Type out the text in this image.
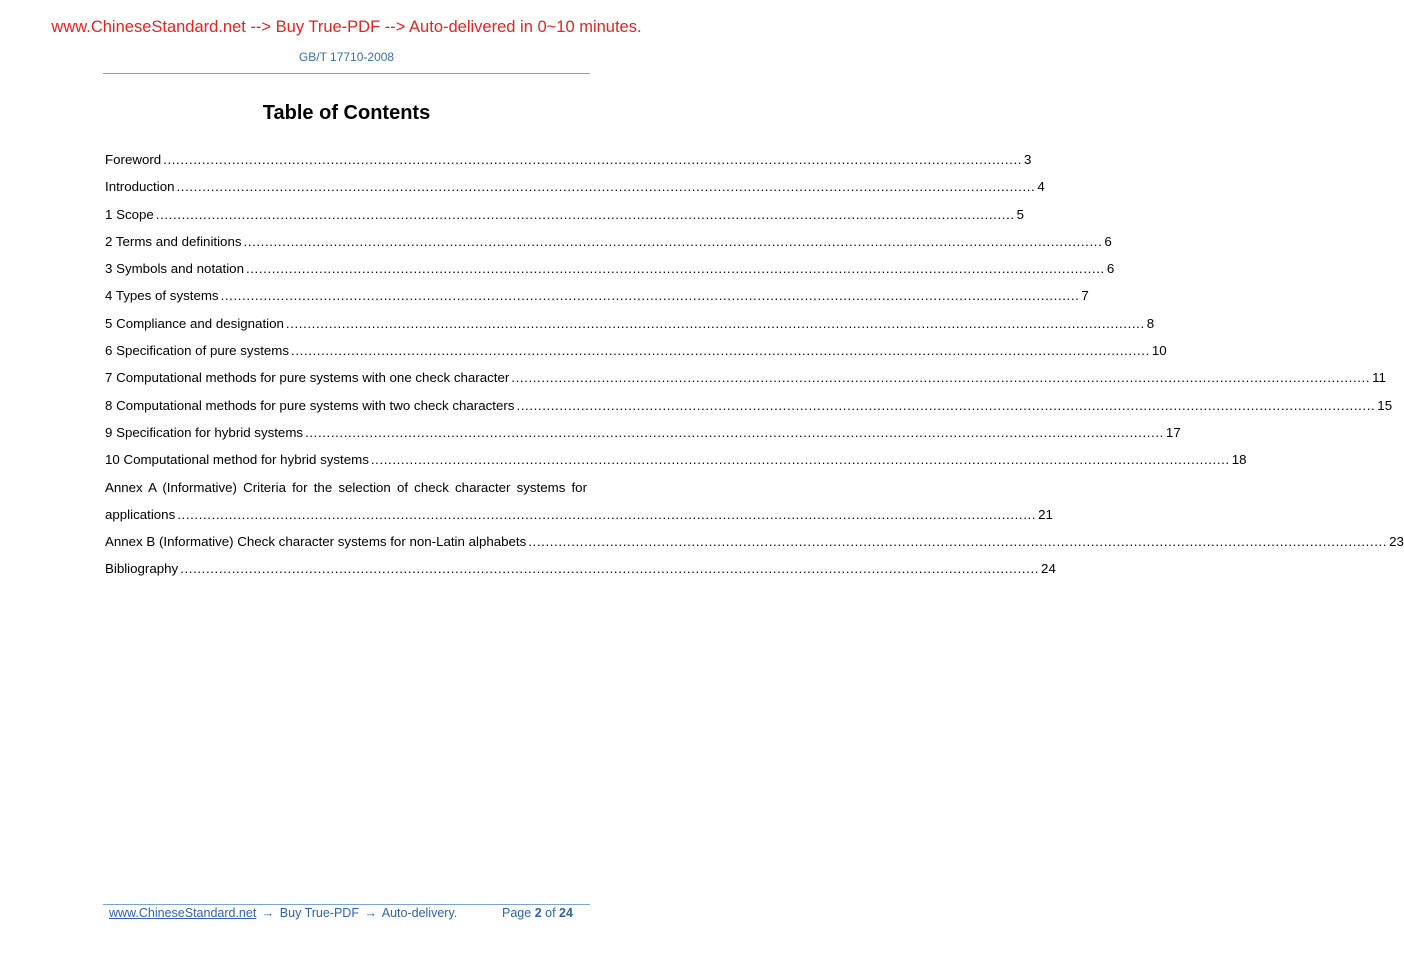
www.ChineseStandard.net --> Buy True-PDF --> Auto-delivered in 0~10 minutes.
GB/T 17710-2008
Table of Contents
Foreword ........................................................................................................................................................................................................ 3
Introduction ........................................................................................................................................................................................................ 4
1 Scope ........................................................................................................................................................................................................ 5
2 Terms and definitions ........................................................................................................................................................................................................ 6
3 Symbols and notation ........................................................................................................................................................................................................ 6
4 Types of systems ........................................................................................................................................................................................................ 7
5 Compliance and designation ........................................................................................................................................................................................................ 8
6 Specification of pure systems ........................................................................................................................................................................................................ 10
7 Computational methods for pure systems with one check character ........................................................................................................................................................................................................ 11
8 Computational methods for pure systems with two check characters ........................................................................................................................................................................................................ 15
9 Specification for hybrid systems ........................................................................................................................................................................................................ 17
10 Computational method for hybrid systems ........................................................................................................................................................................................................ 18
Annex A (Informative) Criteria for the selection of check character systems for
applications ........................................................................................................................................................................................................ 21
Annex B (Informative) Check character systems for non-Latin alphabets ........................................................................................................................................................................................................ 23
Bibliography ........................................................................................................................................................................................................ 24
www.ChineseStandard.net → Buy True-PDF → Auto-delivery.	Page 2 of 24
